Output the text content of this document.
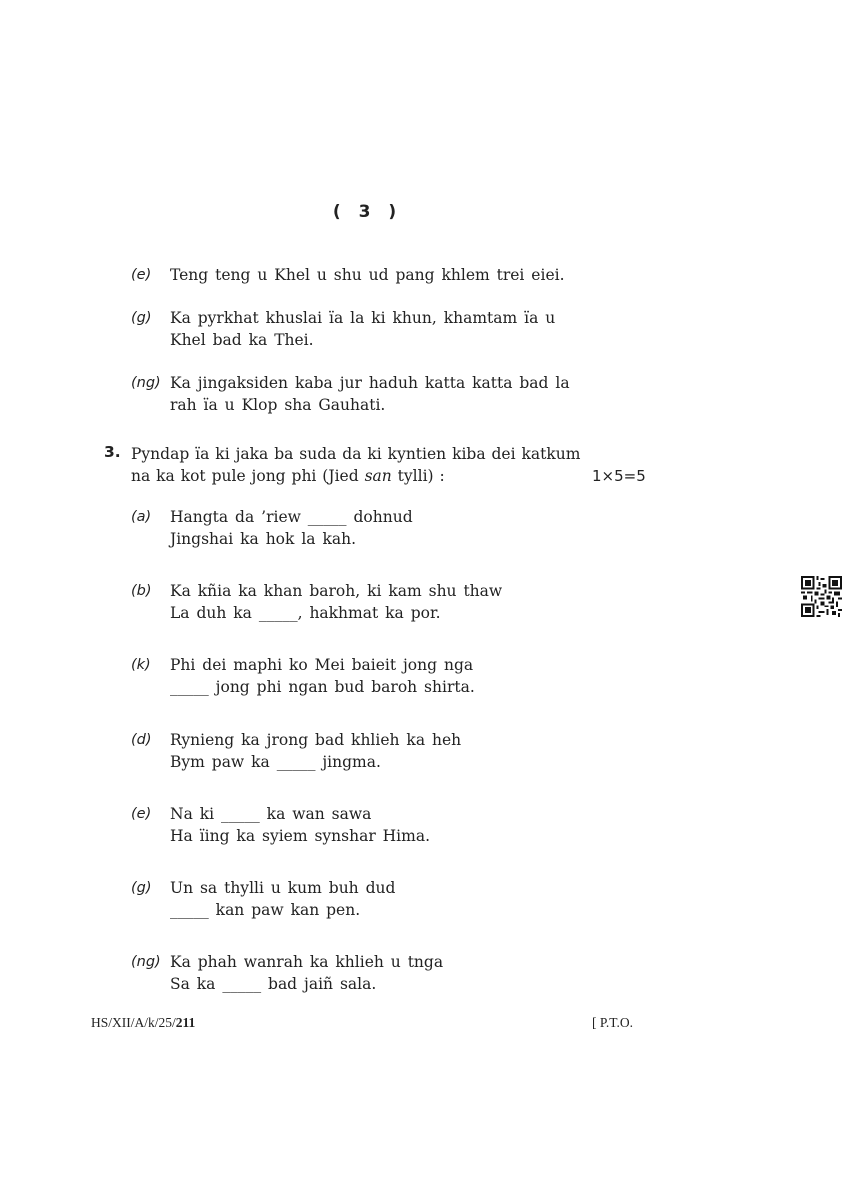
( 3 )
(e) Teng teng u Khel u shu ud pang khlem trei eiei.
(g) Ka pyrkhat khuslai ïa la ki khun, khamtam ïa u
Khel bad ka Thei.
(ng) Ka jingaksiden kaba jur haduh katta katta bad la
rah ïa u Klop sha Gauhati.
3. Pyndap ïa ki jaka ba suda da ki kyntien kiba dei katkum
na ka kot pule jong phi (Jied san tylli) :	1×5=5
(a) Hangta da ’riew _____ dohnud
Jingshai ka hok la kah.
(b) Ka kñia ka khan baroh, ki kam shu thaw
La duh ka _____, hakhmat ka por.
(k) Phi dei maphi ko Mei baieit jong nga
_____ jong phi ngan bud baroh shirta.
(d) Rynieng ka jrong bad khlieh ka heh
Bym paw ka _____ jingma.
(e) Na ki _____ ka wan sawa
Ha ïing ka syiem synshar Hima.
(g) Un sa thylli u kum buh dud
_____ kan paw kan pen.
(ng) Ka phah wanrah ka khlieh u tnga
Sa ka _____ bad jaiñ sala.
HS/XII/A/k/25/211	[ P.T.O.
